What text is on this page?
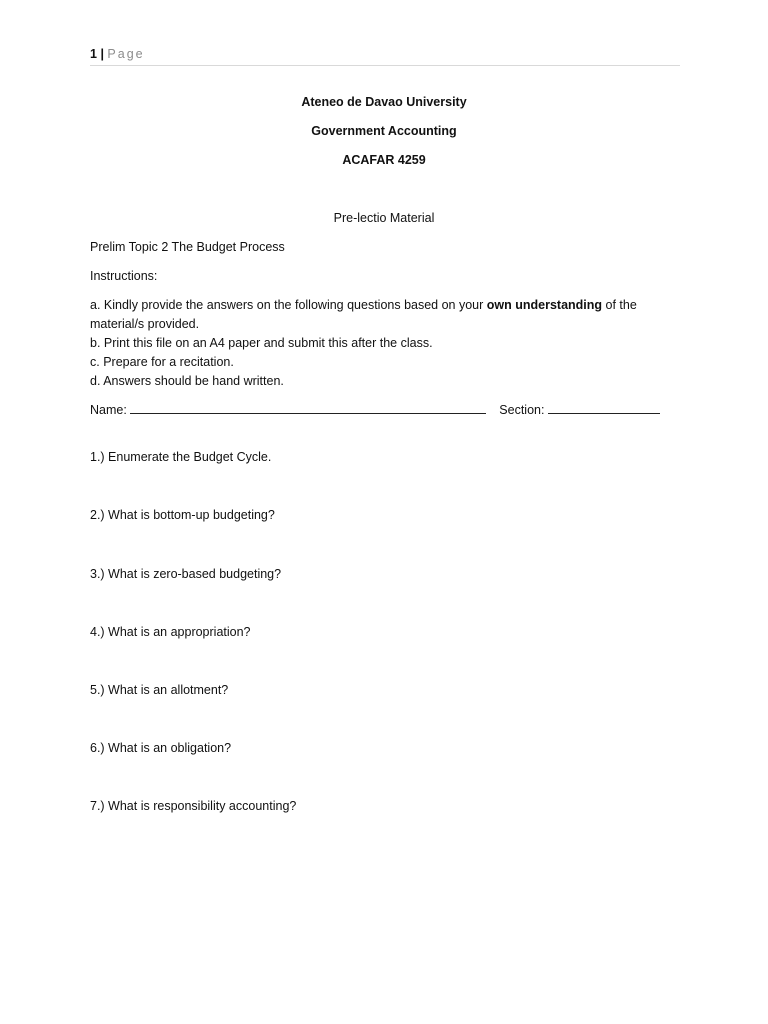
1 | Page
Ateneo de Davao University
Government Accounting
ACAFAR 4259
Pre-lectio Material
Prelim Topic 2 The Budget Process
Instructions:

a. Kindly provide the answers on the following questions based on your own understanding of the material/s provided.

b. Print this file on an A4 paper and submit this after the class.

c. Prepare for a recitation.

d. Answers should be hand written.

Name:	Section:
1.) Enumerate the Budget Cycle.
2.) What is bottom-up budgeting?
3.) What is zero-based budgeting?
4.) What is an appropriation?
5.) What is an allotment?
6.) What is an obligation?
7.) What is responsibility accounting?
